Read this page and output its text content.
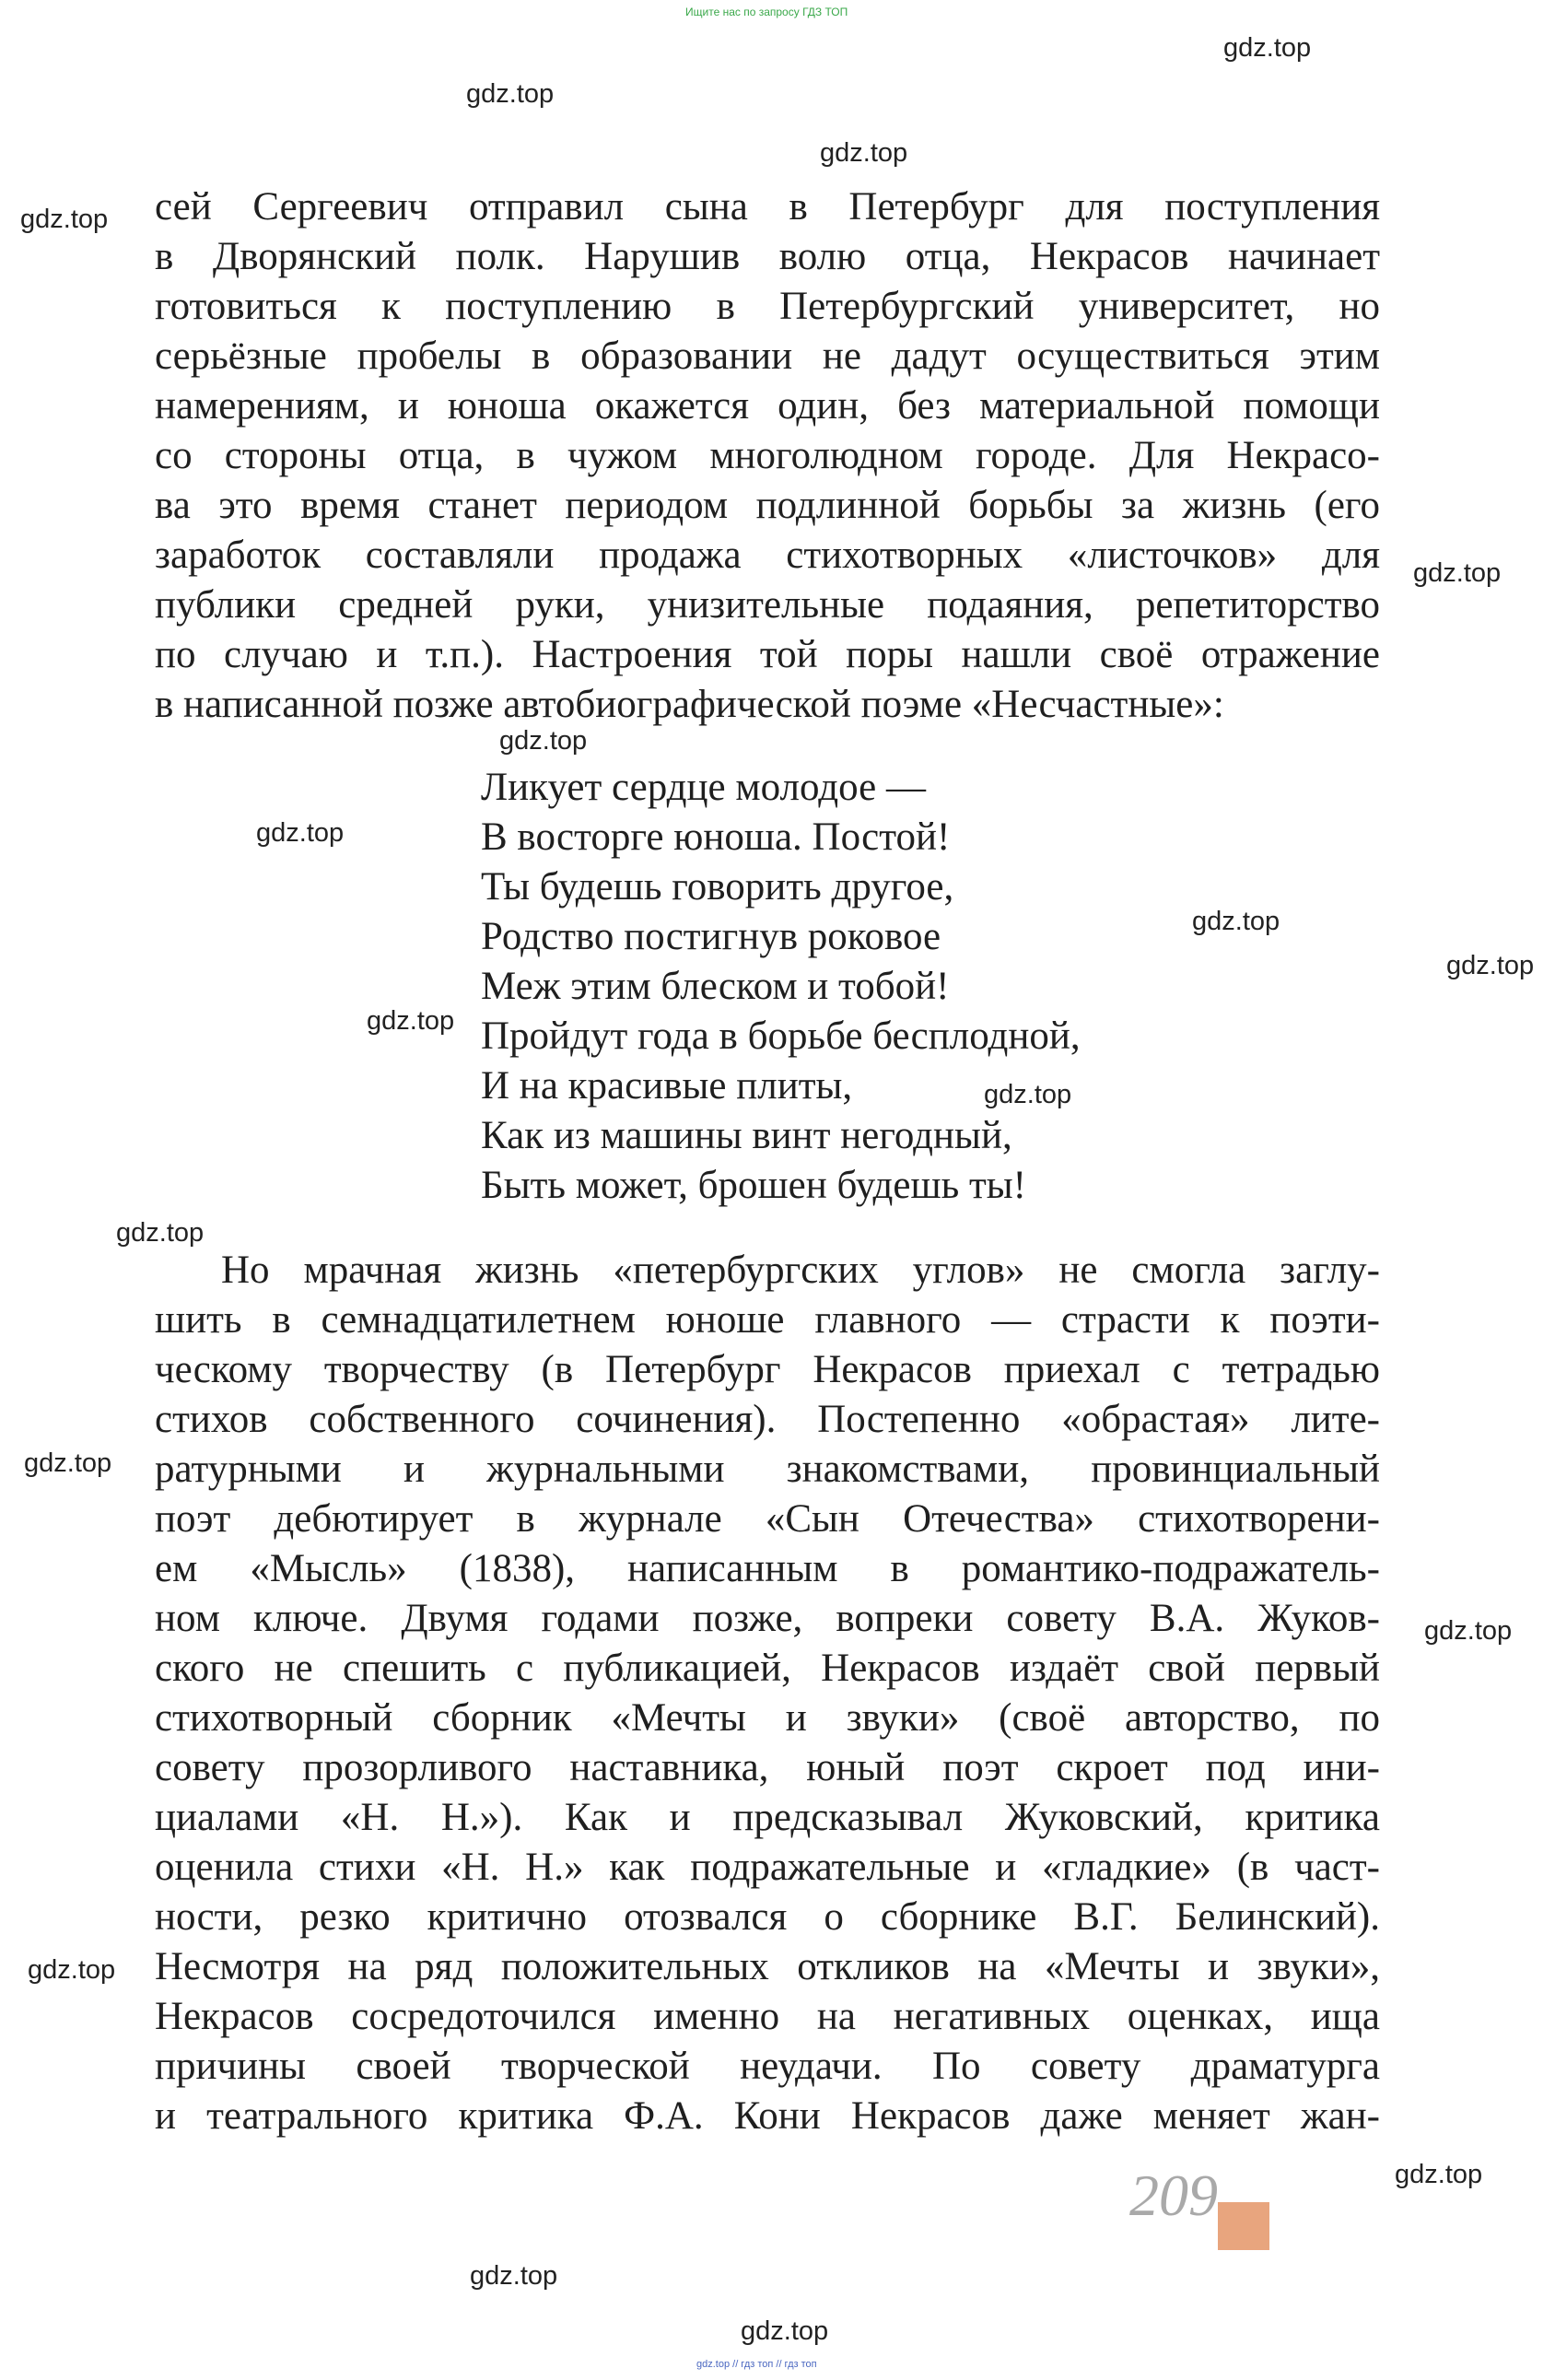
Ищите нас по запросу ГДЗ ТОП
gdz.top
gdz.top
gdz.top
gdz.top
gdz.top
gdz.top
gdz.top
gdz.top
gdz.top
gdz.top
gdz.top
gdz.top
gdz.top
gdz.top
gdz.top
gdz.top
gdz.top
gdz.top
сей Сергеевич отправил сына в Петербург для поступления
в Дворянский полк. Нарушив волю отца, Некрасов начинает
готовиться к поступлению в Петербургский университет, но
серьёзные пробелы в образовании не дадут осуществиться этим
намерениям, и юноша окажется один, без материальной помощи
со стороны отца, в чужом многолюдном городе. Для Некрасо-
ва это время станет периодом подлинной борьбы за жизнь (его
заработок составляли продажа стихотворных «листочков» для
публики средней руки, унизительные подаяния, репетиторство
по случаю и т.п.). Настроения той поры нашли своё отражение
в написанной позже автобиографической поэме «Несчастные»:
Ликует сердце молодое —
В восторге юноша. Постой!
Ты будешь говорить другое,
Родство постигнув роковое
Меж этим блеском и тобой!
Пройдут года в борьбе бесплодной,
И на красивые плиты,
Как из машины винт негодный,
Быть может, брошен будешь ты!
Но мрачная жизнь «петербургских углов» не смогла заглу-
шить в семнадцатилетнем юноше главного — страсти к поэти-
ческому творчеству (в Петербург Некрасов приехал с тетрадью
стихов собственного сочинения). Постепенно «обрастая» лите-
ратурными и журнальными знакомствами, провинциальный
поэт дебютирует в журнале «Сын Отечества» стихотворени-
ем «Мысль» (1838), написанным в романтико-подражатель-
ном ключе. Двумя годами позже, вопреки совету В.А. Жуков-
ского не спешить с публикацией, Некрасов издаёт свой первый
стихотворный сборник «Мечты и звуки» (своё авторство, по
совету прозорливого наставника, юный поэт скроет под ини-
циалами «Н. Н.»). Как и предсказывал Жуковский, критика
оценила стихи «Н. Н.» как подражательные и «гладкие» (в част-
ности, резко критично отозвался о сборнике В.Г. Белинский).
Несмотря на ряд положительных откликов на «Мечты и звуки»,
Некрасов сосредоточился именно на негативных оценках, ища
причины своей творческой неудачи. По совету драматурга
и театрального критика Ф.А. Кони Некрасов даже меняет жан-
209
gdz.top // гдз топ // гдз топ
